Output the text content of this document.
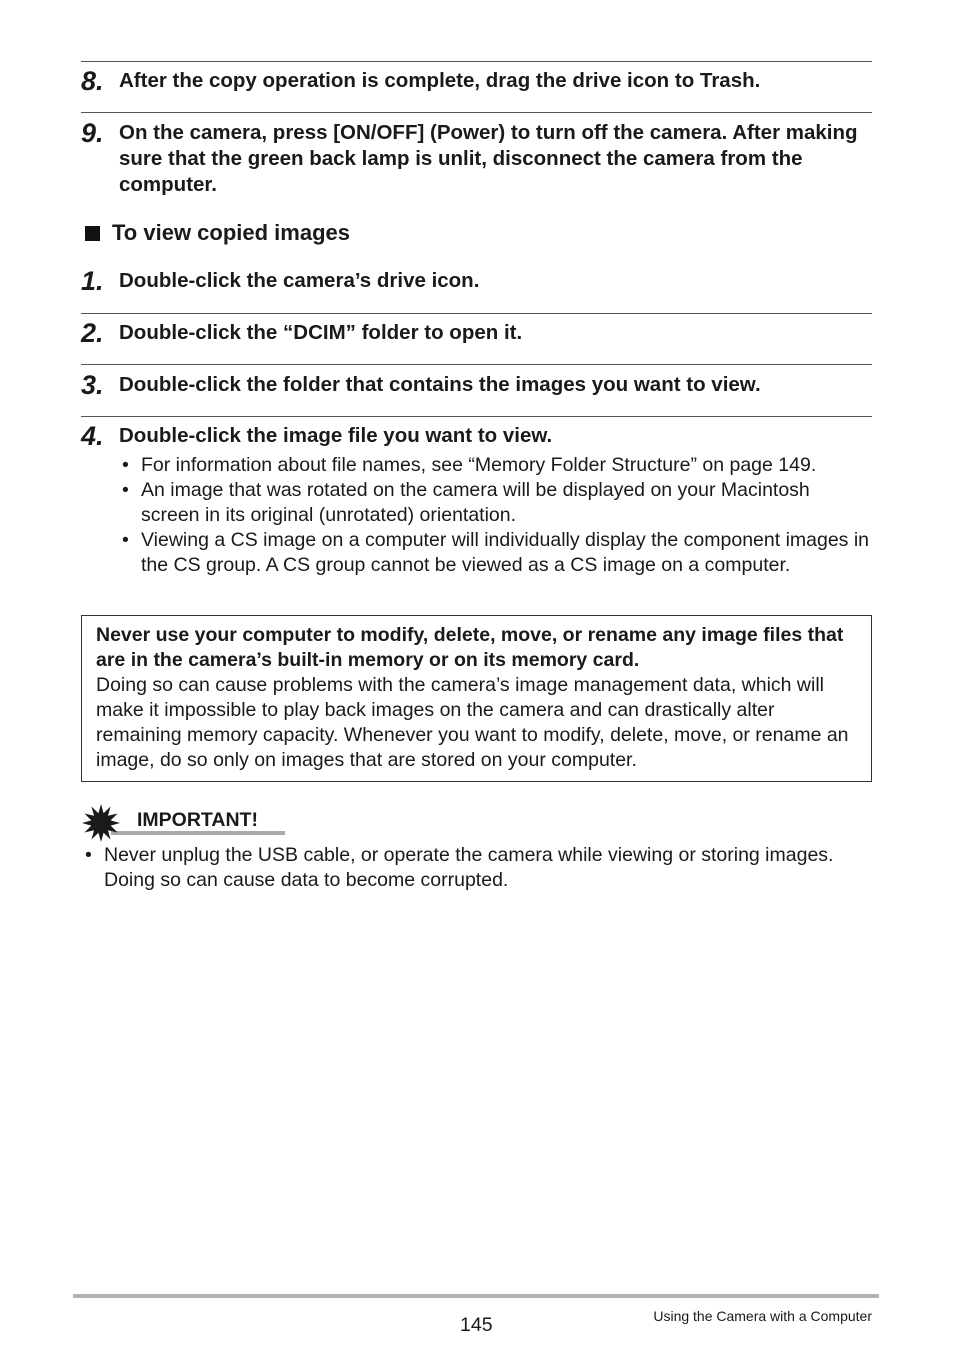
8. After the copy operation is complete, drag the drive icon to Trash.
9. On the camera, press [ON/OFF] (Power) to turn off the camera. After making sure that the green back lamp is unlit, disconnect the camera from the computer.
To view copied images
1. Double-click the camera’s drive icon.
2. Double-click the “DCIM” folder to open it.
3. Double-click the folder that contains the images you want to view.
4. Double-click the image file you want to view.
• For information about file names, see “Memory Folder Structure” on page 149.
• An image that was rotated on the camera will be displayed on your Macintosh screen in its original (unrotated) orientation.
• Viewing a CS image on a computer will individually display the component images in the CS group. A CS group cannot be viewed as a CS image on a computer.
Never use your computer to modify, delete, move, or rename any image files that are in the camera’s built-in memory or on its memory card.
Doing so can cause problems with the camera’s image management data, which will make it impossible to play back images on the camera and can drastically alter remaining memory capacity. Whenever you want to modify, delete, move, or rename an image, do so only on images that are stored on your computer.
IMPORTANT!
• Never unplug the USB cable, or operate the camera while viewing or storing images. Doing so can cause data to become corrupted.
145	Using the Camera with a Computer
